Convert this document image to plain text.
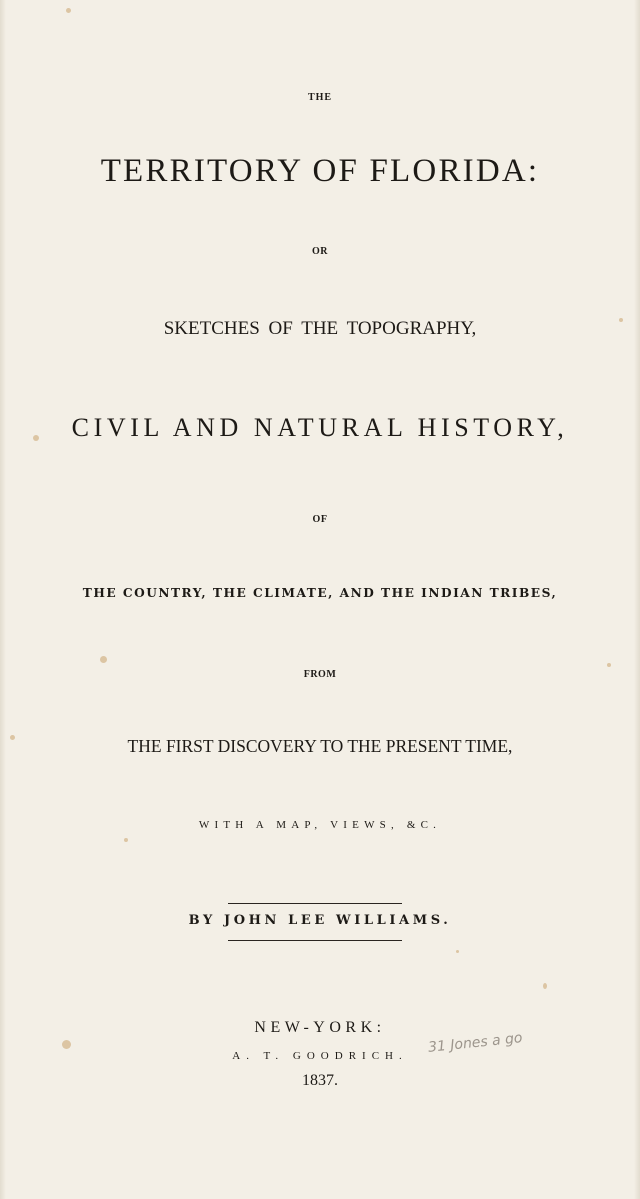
THE
TERRITORY OF FLORIDA:
OR
SKETCHES OF THE TOPOGRAPHY,
CIVIL AND NATURAL HISTORY,
OF
THE COUNTRY, THE CLIMATE, AND THE INDIAN TRIBES,
FROM
THE FIRST DISCOVERY TO THE PRESENT TIME,
WITH A MAP, VIEWS, &C.
BY JOHN LEE WILLIAMS.
NEW-YORK:
A. T. GOODRICH.
1837.
31 Jones a go
